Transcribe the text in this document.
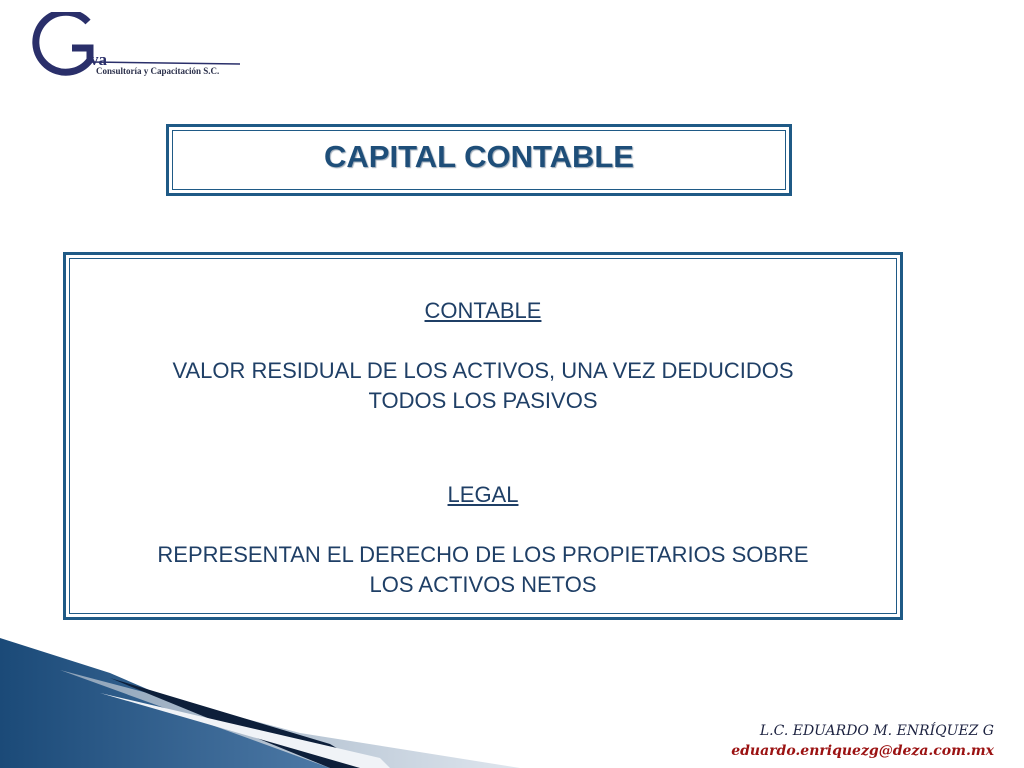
va
Consultoría y Capacitación S.C.
CAPITAL CONTABLE
CONTABLE
VALOR RESIDUAL DE LOS ACTIVOS, UNA VEZ DEDUCIDOS
TODOS LOS PASIVOS
LEGAL
REPRESENTAN EL DERECHO DE LOS PROPIETARIOS SOBRE
LOS ACTIVOS NETOS
L.C. EDUARDO M. ENRÍQUEZ G
eduardo.enriquezg@deza.com.mx
